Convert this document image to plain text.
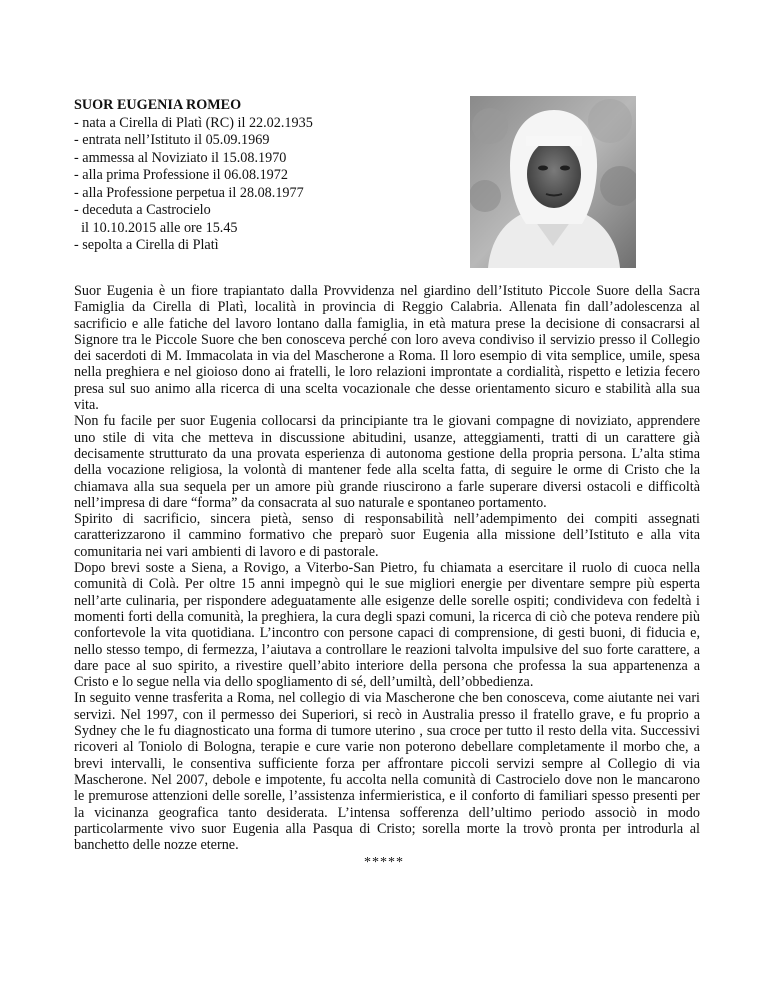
SUOR EUGENIA ROMEO
- nata a Cirella di Platì (RC) il 22.02.1935
- entrata nell’Istituto il 05.09.1969
- ammessa al Noviziato il 15.08.1970
- alla prima Professione il 06.08.1972
- alla Professione perpetua il 28.08.1977
- deceduta a Castrocielo
il 10.10.2015 alle ore 15.45
- sepolta a Cirella di Platì

Suor Eugenia è un fiore trapiantato dalla Provvidenza nel giardino dell’Istituto Piccole Suore della Sacra Famiglia da Cirella di Platì, località in provincia di Reggio Calabria. Allenata fin dall’adolescenza al sacrificio e alle fatiche del lavoro lontano dalla famiglia, in età matura prese la decisione di consacrarsi al Signore tra le Piccole Suore che ben conosceva perché con loro aveva condiviso il servizio presso il Collegio dei sacerdoti di M. Immacolata in via del Mascherone a Roma. Il loro esempio di vita semplice, umile, spesa nella preghiera e nel gioioso dono ai fratelli, le loro relazioni improntate a cordialità, rispetto e letizia fecero presa sul suo animo alla ricerca di una scelta vocazionale che desse orientamento sicuro e stabilità alla sua vita.

Non fu facile per suor Eugenia collocarsi da principiante tra le giovani compagne di noviziato, apprendere uno stile di vita che metteva in discussione abitudini, usanze, atteggiamenti, tratti di un carattere già decisamente strutturato da una provata esperienza di autonoma gestione della propria persona. L’alta stima della vocazione religiosa, la volontà di mantener fede alla scelta fatta, di seguire le orme di Cristo che la chiamava alla sua sequela per un amore più grande riuscirono a farle superare diversi ostacoli e difficoltà nell’impresa di dare “forma” da consacrata al suo naturale e spontaneo portamento.

Spirito di sacrificio, sincera pietà, senso di responsabilità nell’adempimento dei compiti assegnati caratterizzarono il cammino formativo che preparò suor Eugenia alla missione dell’Istituto e alla vita comunitaria nei vari ambienti di lavoro e di pastorale.

Dopo brevi soste a Siena, a Rovigo, a Viterbo-San Pietro, fu chiamata a esercitare il ruolo di cuoca nella comunità di Colà. Per oltre 15 anni impegnò qui le sue migliori energie per diventare sempre più esperta nell’arte culinaria, per rispondere adeguatamente alle esigenze delle sorelle ospiti; condivideva con fedeltà i momenti forti della comunità, la preghiera, la cura degli spazi comuni, la ricerca di ciò che poteva rendere più confortevole la vita quotidiana. L’incontro con persone capaci di comprensione, di gesti buoni, di fiducia e, nello stesso tempo, di fermezza, l’aiutava a controllare le reazioni talvolta impulsive del suo forte carattere, a dare pace al suo spirito, a rivestire quell’abito interiore della persona che professa la sua appartenenza a Cristo e lo segue nella via dello spogliamento di sé, dell’umiltà, dell’obbedienza.

In seguito venne trasferita a Roma, nel collegio di via Mascherone che ben conosceva, come aiutante nei vari servizi. Nel 1997, con il permesso dei Superiori, si recò in Australia presso il fratello grave, e fu proprio a Sydney che le fu diagnosticato una forma di tumore uterino , sua croce per tutto il resto della vita. Successivi ricoveri al Toniolo di Bologna, terapie e cure varie non poterono debellare completamente il morbo che, a brevi intervalli, le consentiva sufficiente forza per affrontare piccoli servizi sempre al Collegio di via Mascherone. Nel 2007, debole e impotente, fu accolta nella comunità di Castrocielo dove non le mancarono le premurose attenzioni delle sorelle, l’assistenza infermieristica, e il conforto di familiari spesso presenti per la vicinanza geografica tanto desiderata. L’intensa sofferenza dell’ultimo periodo associò in modo particolarmente vivo suor Eugenia alla Pasqua di Cristo; sorella morte la trovò pronta per introdurla al banchetto delle nozze eterne.

*****
